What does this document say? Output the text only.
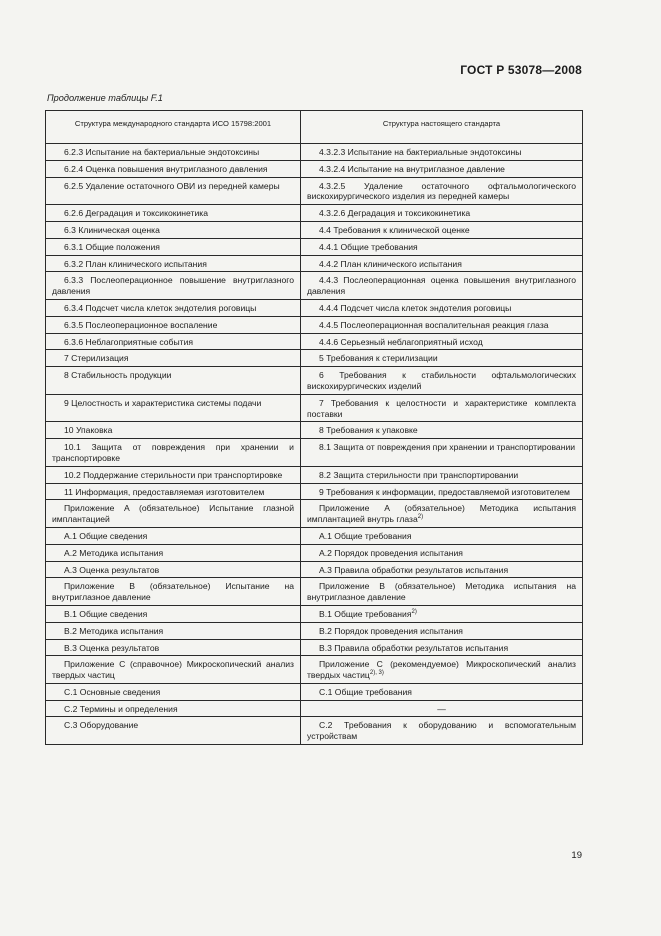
ГОСТ Р 53078—2008
Продолжение таблицы F.1
Структура международного стандарта ИСО 15798:2001	Структура настоящего стандарта

6.2.3 Испытание на бактериальные эндотоксины	4.3.2.3 Испытание на бактериальные эндотоксины

6.2.4 Оценка повышения внутриглазного давления	4.3.2.4 Испытание на внутриглазное давление

6.2.5 Удаление остаточного ОВИ из передней камеры	4.3.2.5 Удаление остаточного офтальмологического вискохирургического изделия из передней камеры

6.2.6 Деградация и токсикокинетика	4.3.2.6 Деградация и токсикокинетика

6.3 Клиническая оценка	4.4 Требования к клинической оценке

6.3.1 Общие положения	4.4.1 Общие требования

6.3.2 План клинического испытания	4.4.2 План клинического испытания

6.3.3 Послеоперационное повышение внутриглазного давления	4.4.3 Послеоперационная оценка повышения внутриглазного давления

6.3.4 Подсчет числа клеток эндотелия роговицы	4.4.4 Подсчет числа клеток эндотелия роговицы

6.3.5 Послеоперационное воспаление	4.4.5 Послеоперационная воспалительная реакция глаза

6.3.6 Неблагоприятные события	4.4.6 Серьезный неблагоприятный исход

7 Стерилизация	5 Требования к стерилизации

8 Стабильность продукции	6 Требования к стабильности офтальмологических вискохирургических изделий

9 Целостность и характеристика системы подачи	7 Требования к целостности и характеристике комплекта поставки

10 Упаковка	8 Требования к упаковке

10.1 Защита от повреждения при хранении и транспортировке	8.1 Защита от повреждения при хранении и транспортировании

10.2 Поддержание стерильности при транспортировке	8.2 Защита стерильности при транспортировании

11 Информация, предоставляемая изготовителем	9 Требования к информации, предоставляемой изготовителем

Приложение A (обязательное) Испытание глазной имплантацией	Приложение A (обязательное) Методика испытания имплантацией внутрь глаза$^{2)}$

A.1 Общие сведения	A.1 Общие требования

A.2 Методика испытания	A.2 Порядок проведения испытания

A.3 Оценка результатов	A.3 Правила обработки результатов испытания

Приложение B (обязательное) Испытание на внутриглазное давление	Приложение B (обязательное) Методика испытания на внутриглазное давление

B.1 Общие сведения	B.1 Общие требования$^{2)}$

B.2 Методика испытания	B.2 Порядок проведения испытания

B.3 Оценка результатов	B.3 Правила обработки результатов испытания

Приложение C (справочное) Микроскопический анализ твердых частиц	Приложение C (рекомендуемое) Микроскопический анализ твердых частиц$^{2), 3)}$

C.1 Основные сведения	C.1 Общие требования

C.2 Термины и определения	—

C.3 Оборудование	C.2 Требования к оборудованию и вспомогательным устройствам
19
